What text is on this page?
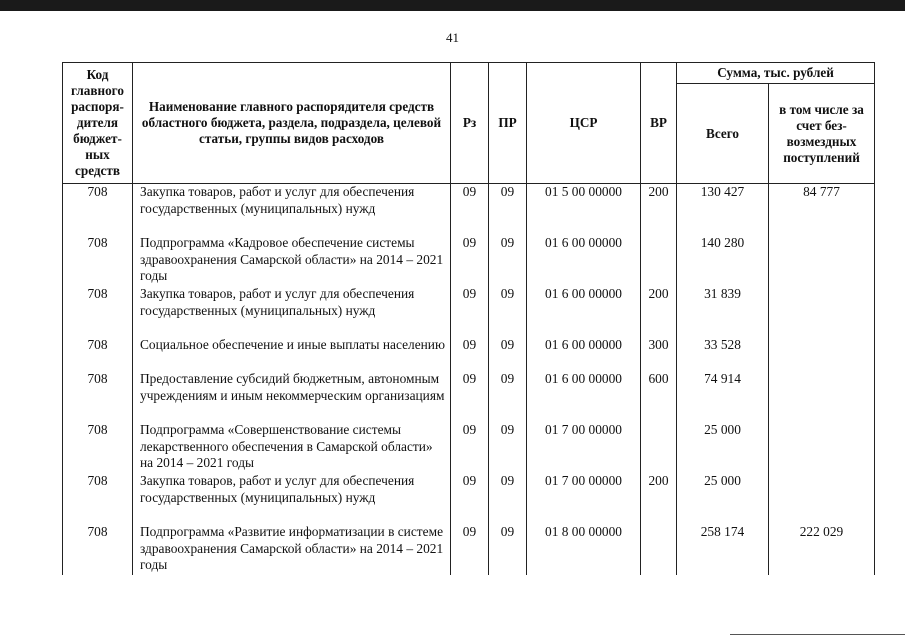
41
Код главного распоря-дителя бюджет-ных средств	Наименование главного распорядителя средств областного бюджета, раздела, подраздела, целевой статьи, группы видов расходов	Рз	ПР	ЦСР	ВР	Сумма, тыс. рублей	
						Всего	в том числе за счет без-возмездных поступлений
708	Закупка товаров, работ и услуг для обеспечения государственных (муниципальных) нужд	09	09	01 5 00 00000	200	130 427	84 777
708	Подпрограмма «Кадровое обеспечение системы здравоохранения Самарской области» на 2014 – 2021 годы	09	09	01 6 00 00000		140 280	
708	Закупка товаров, работ и услуг для обеспечения государственных (муниципальных) нужд	09	09	01 6 00 00000	200	31 839	
708	Социальное обеспечение и иные выплаты населению	09	09	01 6 00 00000	300	33 528	
708	Предоставление субсидий бюджетным, автономным учреждениям и иным некоммерческим организациям	09	09	01 6 00 00000	600	74 914	
708	Подпрограмма «Совершенствование системы лекарственного обеспечения в Самарской области» на 2014 – 2021 годы	09	09	01 7 00 00000		25 000	
708	Закупка товаров, работ и услуг для обеспечения государственных (муниципальных) нужд	09	09	01 7 00 00000	200	25 000	
708	Подпрограмма «Развитие информатизации в системе здравоохранения Самарской области» на 2014 – 2021 годы	09	09	01 8 00 00000		258 174	222 029
